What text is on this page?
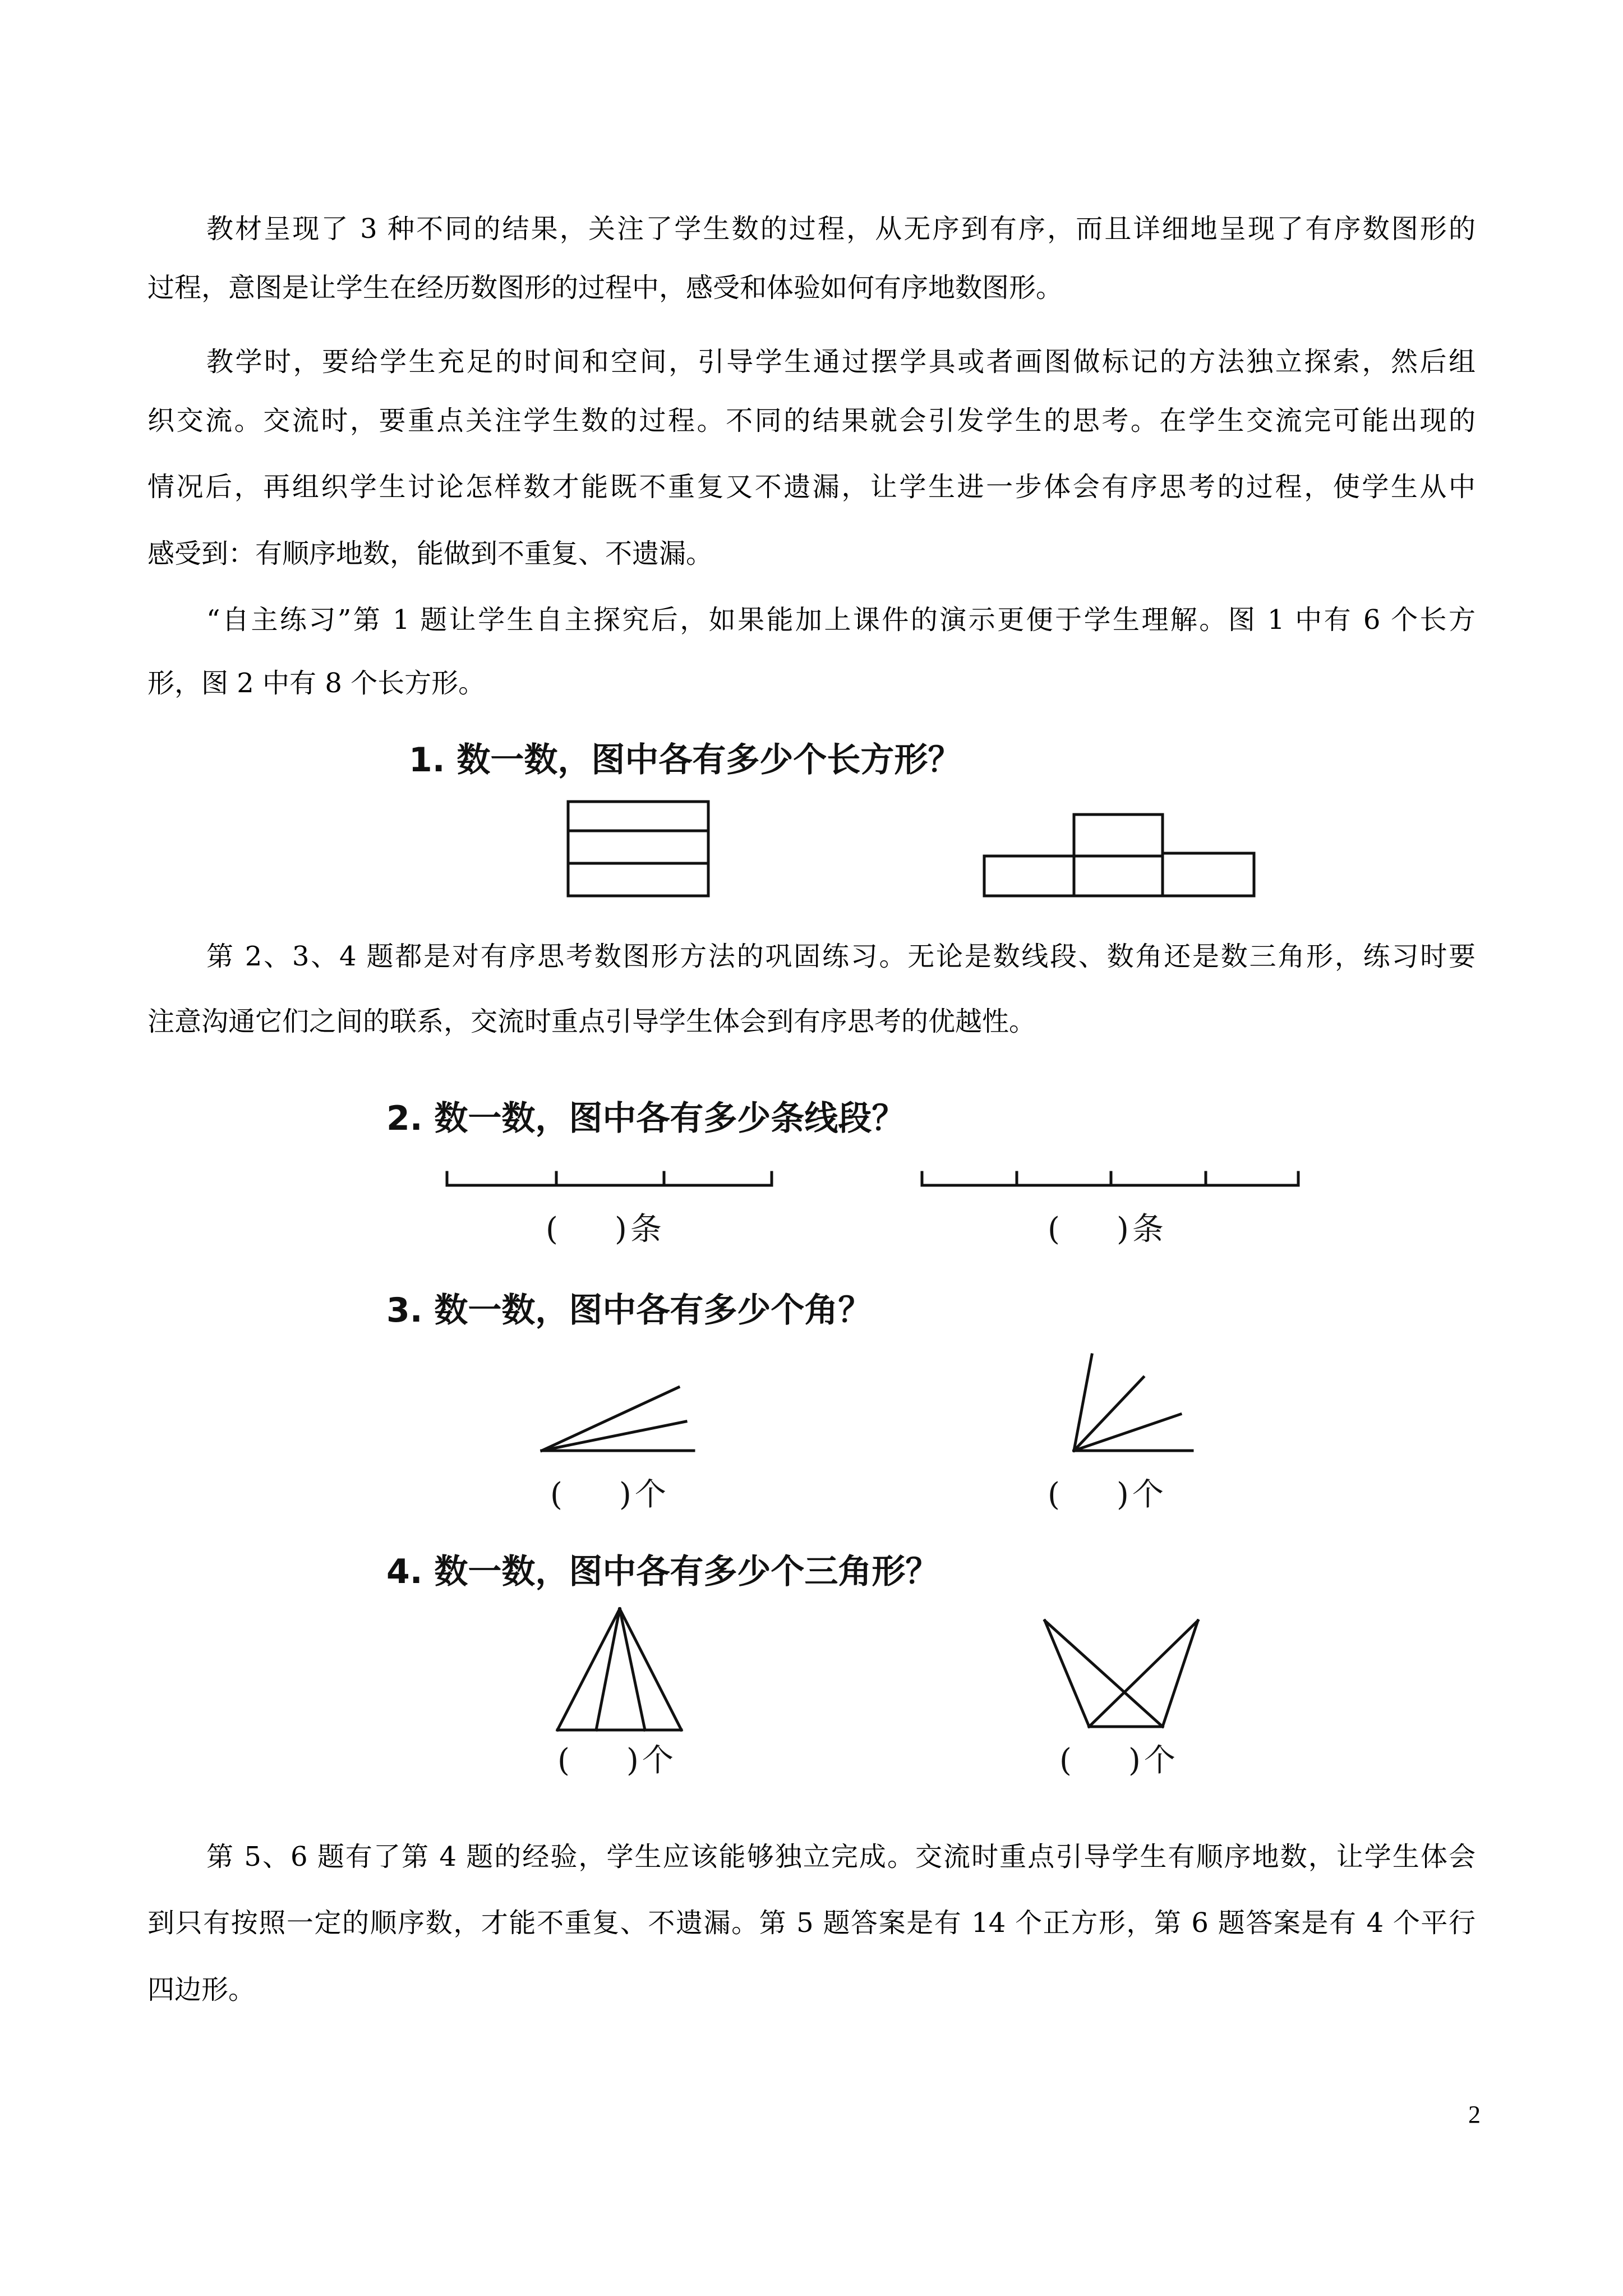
教材呈现了 3 种不同的结果，关注了学生数的过程，从无序到有序，而且详细地呈现了有序数图形的
过程，意图是让学生在经历数图形的过程中，感受和体验如何有序地数图形。
教学时，要给学生充足的时间和空间，引导学生通过摆学具或者画图做标记的方法独立探索，然后组
织交流。交流时，要重点关注学生数的过程。不同的结果就会引发学生的思考。在学生交流完可能出现的
情况后，再组织学生讨论怎样数才能既不重复又不遗漏，让学生进一步体会有序思考的过程，使学生从中
感受到：有顺序地数，能做到不重复、不遗漏。
“自主练习”第 1 题让学生自主探究后，如果能加上课件的演示更便于学生理解。图 1 中有 6 个长方
形，图 2 中有 8 个长方形。
1. 数一数，图中各有多少个长方形？
第 2、3、4 题都是对有序思考数图形方法的巩固练习。无论是数线段、数角还是数三角形，练习时要
注意沟通它们之间的联系，交流时重点引导学生体会到有序思考的优越性。
2. 数一数，图中各有多少条线段？
(    )条	(    )条
3. 数一数，图中各有多少个角？
(    )个	(    )个
4. 数一数，图中各有多少个三角形？
(    )个	(    )个
第 5、6 题有了第 4 题的经验，学生应该能够独立完成。交流时重点引导学生有顺序地数，让学生体会
到只有按照一定的顺序数，才能不重复、不遗漏。第 5 题答案是有 14 个正方形，第 6 题答案是有 4 个平行
四边形。
2
